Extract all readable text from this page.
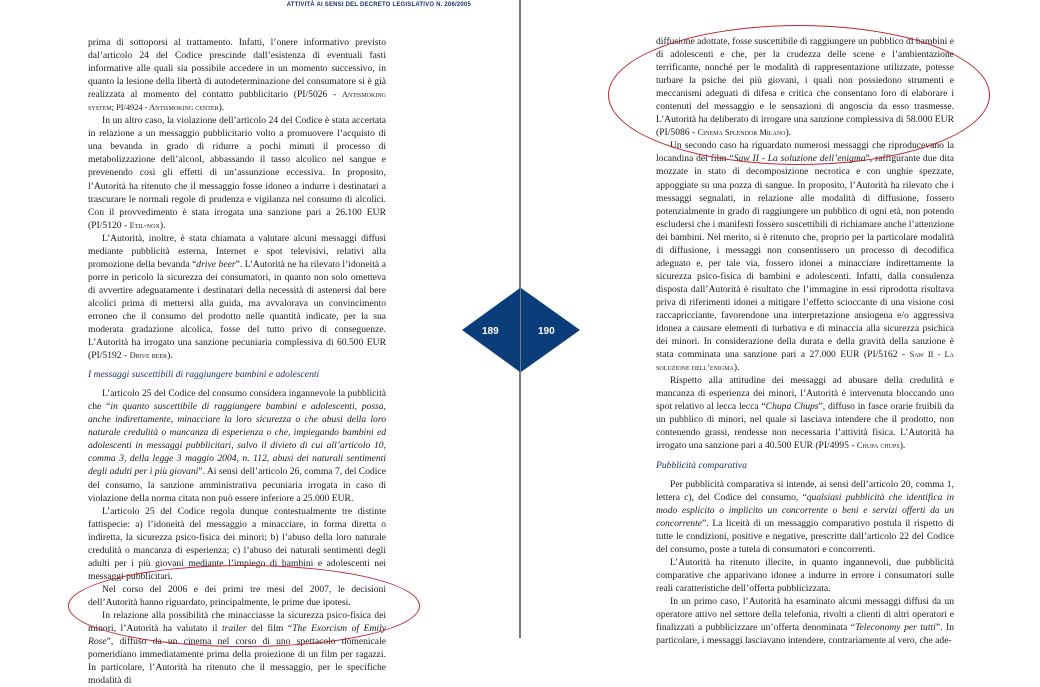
ATTIVITÀ AI SENSI DEL DECRETO LEGISLATIVO N. 206/2005

prima di sottoporsi al trattamento. Infatti, l’onere informativo previsto dal’articolo 24 del Codice prescinde dall’esistenza di eventuali fasti informative alle quali sia possibile accedere in un momento successivo, in quanto la lesione della libertà di autodeterminazione del consumatore si è già realizzata al momento del contatto pubblicitario (PI/5026 - Antismoking system; PI/4924 - Antismoking center).

In un altro caso, la violazione dell’articolo 24 del Codice è stata accertata in relazione a un messaggio pubblicitario volto a promuovere l’acquisto di una bevanda in grado di ridurre a pochi minuti il processo di metabolizzazione dell’alcool, abbassando il tasso alcolico nel sangue e prevenendo così gli effetti di un’assunzione eccessiva. In proposito, l’Autorità ha ritenuto che il messaggio fosse idoneo a indurre i destinatari a trascurare le normali regole di prudenza e vigilanza nel consumo di alcolici. Con il provvedimento è stata irrogata una sanzione pari a 26.100 EUR (PI/5120 - Etil-nox).

L’Autorità, inoltre, è stata chiamata a valutare alcuni messaggi diffusi mediante pubblicità esterna, Internet e spot televisivi, relativi alla promozione della bevanda “drive beer”. L’Autorità ne ha rilevato l’idoneità a porre in pericolo la sicurezza dei consumatori, in quanto non solo ometteva di avvertire adeguatamente i destinatari della necessità di astenersi dal bere alcolici prima di mettersi alla guida, ma avvalorava un convincimento erroneo che il consumo del prodotto nelle quantità indicate, per la sua moderata gradazione alcolica, fosse del tutto privo di conseguenze. L’Autorità ha irrogato una sanzione pecuniaria complessiva di 60.500 EUR (PI/5192 - Drive beer).

I messaggi suscettibili di raggiungere bambini e adolescenti

L’articolo 25 del Codice del consumo considera ingannevole la pubblicità che “in quanto suscettibile di raggiungere bambini e adolescenti, possa, anche indirettamente, minacciare la loro sicurezza o che abusi della loro naturale credulità o mancanza di esperienza o che, impiegando bambini ed adolescenti in messaggi pubblicitari, salvo il divieto di cui all’articolo 10, comma 3, della legge 3 maggio 2004, n. 112, abusi dei naturali sentimenti degli adulti per i più giovani”. Ai sensi dell’articolo 26, comma 7, del Codice del consumo, la sanzione amministrativa pecuniaria irrogata in caso di violazione della norma citata non può essere inferiore a 25.000 EUR.

L’articolo 25 del Codice regola dunque contestualmente tre distinte fattispecie: a) l’idoneità del messaggio a minacciare, in forma diretta o indiretta, la sicurezza psico-fisica dei minori; b) l’abuso della loro naturale credulità o mancanza di esperienza; c) l’abuso dei naturali sentimenti degli adulti per i più giovani mediante l’impiego di bambini e adolescenti nei messaggi pubblicitari.

Nel corso del 2006 e dei primi tre mesi del 2007, le decisioni dell’Autorità hanno riguardato, principalmente, le prime due ipotesi.

In relazione alla possibilità che minacciasse la sicurezza psico-fisica dei minori, l’Autorità ha valutato il trailer del film “The Exorcism of Emily Rose”, diffuso da un cinema nel corso di uno spettacolo domenicale pomeridiano immediatamente prima della proiezione di un film per ragazzi. In particolare, l’Autorità ha ritenuto che il messaggio, per le specifiche modalità di

diffusione adottate, fosse suscettibile di raggiungere un pubblico di bambini e di adolescenti e che, per la crudezza delle scene e l’ambientazione terrificante, nonché per le modalità di rappresentazione utilizzate, potesse turbare la psiche dei più giovani, i quali non possiedono strumenti e meccanismi adeguati di difesa e critica che consentano loro di elaborare i contenuti del messaggio e le sensazioni di angoscia da esso trasmesse. L’Autorità ha deliberato di irrogare una sanzione complessiva di 58.000 EUR (PI/5086 - Cinema Splendor Milano).

Un secondo caso ha riguardato numerosi messaggi che riproducevano la locandina del film “Saw II - La soluzione dell’enigma”, raffigurante due dita mozzate in stato di decomposizione necrotica e con unghie spezzate, appoggiate su una pozza di sangue. In proposito, l’Autorità ha rilevato che i messaggi segnalati, in relazione alle modalità di diffusione, fossero potenzialmente in grado di raggiungere un pubblico di ogni età, non potendo escludersi che i manifesti fossero suscettibili di richiamare anche l’attenzione dei bambini. Nel merito, si è ritenuto che, proprio per la particolare modalità di diffusione, i messaggi non consentissero un processo di decodifica adeguato e, per tale via, fossero idonei a minacciare indirettamente la sicurezza psico-fisica di bambini e adolescenti. Infatti, dalla consulenza disposta dall’Autorità è risultato che l’immagine in essi riprodotta risultava priva di riferimenti idonei a mitigare l’effetto scioccante di una visione così raccapricciante, favorendone una interpretazione ansiogena e/o aggressiva idonea a causare elementi di turbativa e di minaccia alla sicurezza psichica dei minori. In considerazione della durata e della gravità della sanzione è stata comminata una sanzione pari a 27.000 EUR (PI/5162 - Saw II - La soluzione dell’enigma).

Rispetto alla attitudine dei messaggi ad abusare della credulità e mancanza di esperienza dei minori, l’Autorità è intervenuta bloccando uno spot relativo al lecca lecca “Chupa Chups”, diffuso in fasce orarie fruibili da un pubblico di minori, nel quale si lasciava intendere che il prodotto, non contenendo grassi, rendesse non necessaria l’attività fisica. L’Autorità ha irrogato una sanzione pari a 40.500 EUR (PI/4995 - Chupa chups).

Pubblicità comparativa

Per pubblicità comparativa si intende, ai sensi dell’articolo 20, comma 1, lettera c), del Codice del consumo, “qualsiasi pubblicità che identifica in modo esplicito o implicito un concorrente o beni e servizi offerti da un concorrente”. La liceità di un messaggio comparativo postula il rispetto di tutte le condizioni, positive e negative, prescritte dall’articolo 22 del Codice del consumo, poste a tutela di consumatori e concorrenti.

L’Autorità ha ritenuto illecite, in quanto ingannevoli, due pubblicità comparative che apparivano idonee a indurre in errore i consumatori sulle reali caratteristiche dell’offerta pubblicizzata.

In un primo caso, l’Autorità ha esaminato alcuni messaggi diffusi da un operatore attivo nel settore della telefonia, rivolti a clienti di altri operatori e finalizzati a pubblicizzare un’offerta denominata “Teleconomy per tutti”. In particolare, i messaggi lasciavano intendere, contrariamente al vero, che ade-

189	190
